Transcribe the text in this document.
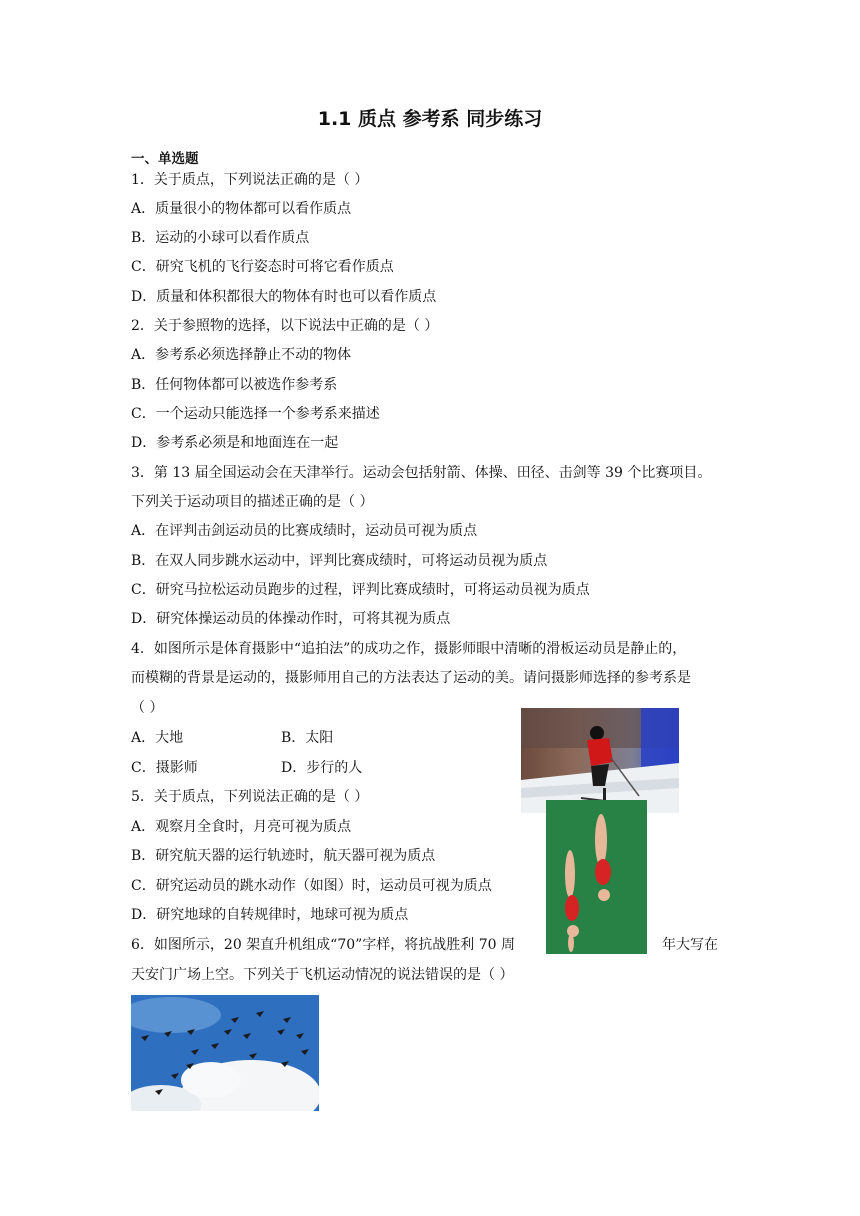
1.1 质点 参考系 同步练习
一、单选题
1．关于质点，下列说法正确的是（ ）
A．质量很小的物体都可以看作质点
B．运动的小球可以看作质点
C．研究飞机的飞行姿态时可将它看作质点
D．质量和体积都很大的物体有时也可以看作质点
2．关于参照物的选择，以下说法中正确的是（ ）
A．参考系必须选择静止不动的物体
B．任何物体都可以被选作参考系
C．一个运动只能选择一个参考系来描述
D．参考系必须是和地面连在一起
3．第 13 届全国运动会在天津举行。运动会包括射箭、体操、田径、击剑等 39 个比赛项目。
下列关于运动项目的描述正确的是（ ）
A．在评判击剑运动员的比赛成绩时，运动员可视为质点
B．在双人同步跳水运动中，评判比赛成绩时，可将运动员视为质点
C．研究马拉松运动员跑步的过程，评判比赛成绩时，可将运动员视为质点
D．研究体操运动员的体操动作时，可将其视为质点
4．如图所示是体育摄影中“追拍法”的成功之作，摄影师眼中清晰的滑板运动员是静止的，
而模糊的背景是运动的，摄影师用自己的方法表达了运动的美。请问摄影师选择的参考系是
（ ）
A．大地	B．太阳
C．摄影师	D．步行的人
5．关于质点，下列说法正确的是（ ）
A．观察月全食时，月亮可视为质点
B．研究航天器的运行轨迹时，航天器可视为质点
C．研究运动员的跳水动作（如图）时，运动员可视为质点
D．研究地球的自转规律时，地球可视为质点
6．如图所示，20 架直升机组成“70”字样，将抗战胜利 70 周	年大写在
天安门广场上空。下列关于飞机运动情况的说法错误的是（ ）
